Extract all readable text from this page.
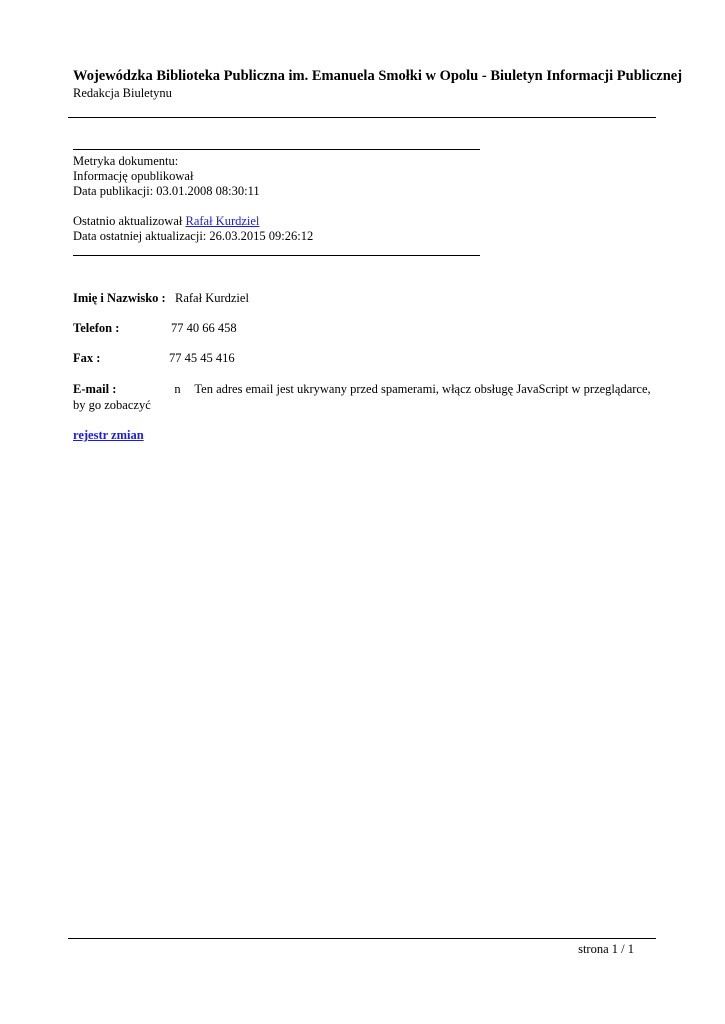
Wojewódzka Biblioteka Publiczna im. Emanuela Smołki w Opolu - Biuletyn Informacji Publicznej
Redakcja Biuletynu
Metryka dokumentu:
Informację opublikował
Data publikacji: 03.01.2008 08:30:11
Ostatnio aktualizował Rafał Kurdziel
Data ostatniej aktualizacji: 26.03.2015 09:26:12
Imię i Nazwisko : Rafał Kurdziel
Telefon :	77 40 66 458
Fax :	77 45 45 416
E-mail :	n Ten adres email jest ukrywany przed spamerami, włącz obsługę JavaScript w przeglądarce, by go zobaczyć
rejestr zmian
strona 1 / 1
